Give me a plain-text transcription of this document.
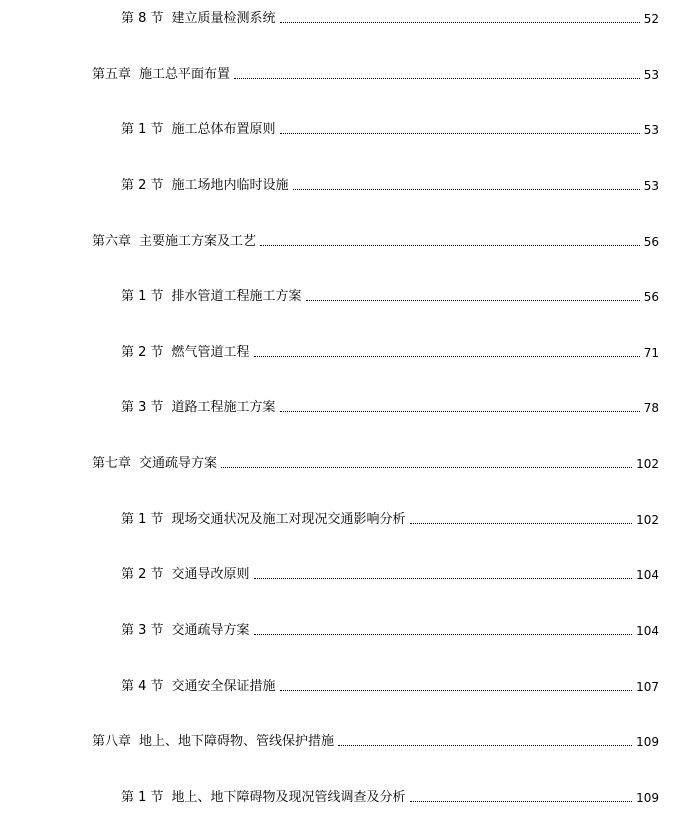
第 8 节 建立质量检测系统	52
第五章 施工总平面布置	53
第 1 节 施工总体布置原则	53
第 2 节 施工场地内临时设施	53
第六章 主要施工方案及工艺	56
第 1 节 排水管道工程施工方案	56
第 2 节 燃气管道工程	71
第 3 节 道路工程施工方案	78
第七章 交通疏导方案	102
第 1 节 现场交通状况及施工对现况交通影响分析	102
第 2 节 交通导改原则	104
第 3 节 交通疏导方案	104
第 4 节 交通安全保证措施	107
第八章 地上、地下障碍物、管线保护措施	109
第 1 节 地上、地下障碍物及现况管线调查及分析	109
